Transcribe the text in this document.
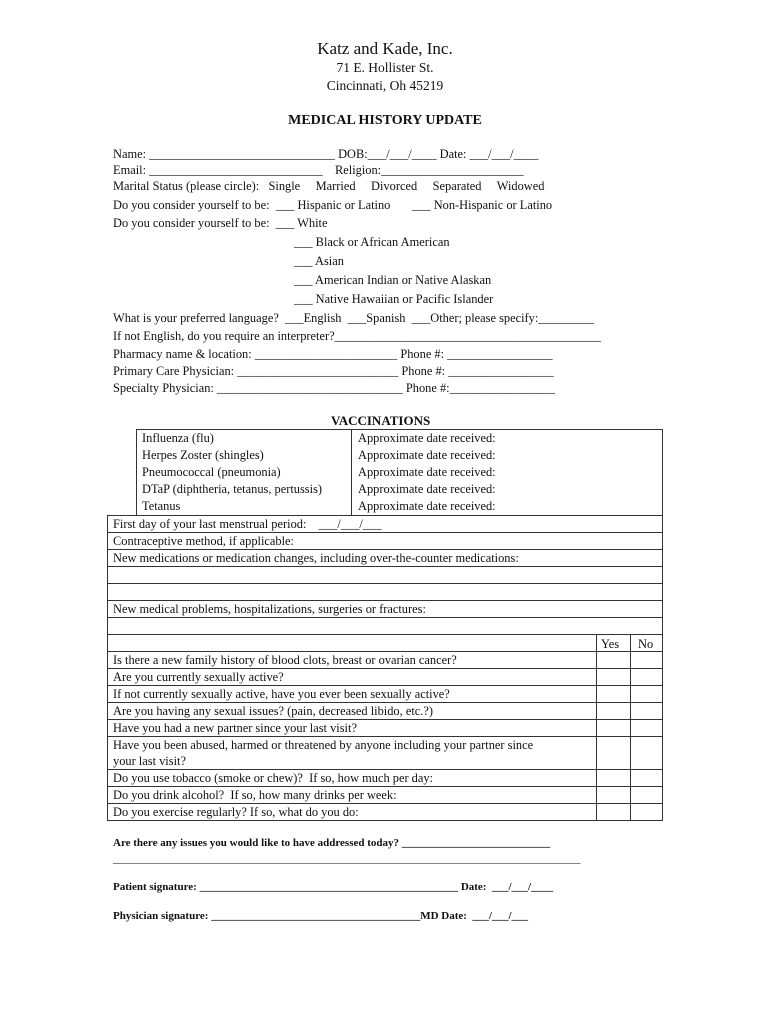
Katz and Kade, Inc.
71 E. Hollister St.
Cincinnati, Oh 45219
MEDICAL HISTORY UPDATE
Name: ______________________________ DOB:___/___/____ Date: ___/___/____
Email: ____________________________    Religion:_______________________
Marital Status (please circle):   Single     Married     Divorced     Separated     Widowed
Do you consider yourself to be:  ___ Hispanic or Latino       ___ Non-Hispanic or Latino
Do you consider yourself to be:  ___ White
___ Black or African American
___ Asian
___ American Indian or Native Alaskan
___ Native Hawaiian or Pacific Islander
What is your preferred language?  ___English  ___Spanish  ___Other; please specify:_________
If not English, do you require an interpreter?___________________________________________
Pharmacy name & location: _______________________ Phone #: _________________
Primary Care Physician: __________________________ Phone #: _________________
Specialty Physician: ______________________________ Phone #:_________________
VACCINATIONS
Influenza (flu)	Approximate date received:
Herpes Zoster (shingles)	Approximate date received:
Pneumococcal (pneumonia)	Approximate date received:
DTaP (diphtheria, tetanus, pertussis)	Approximate date received:
Tetanus	Approximate date received:
First day of your last menstrual period:    ___/___/___
Contraceptive method, if applicable:
New medications or medication changes, including over-the-counter medications:
New medical problems, hospitalizations, surgeries or fractures:
Yes No
Is there a new family history of blood clots, breast or ovarian cancer?
Are you currently sexually active?
If not currently sexually active, have you ever been sexually active?
Are you having any sexual issues? (pain, decreased libido, etc.?)
Have you had a new partner since your last visit?
Have you been abused, harmed or threatened by anyone including your partner since
your last visit?
Do you use tobacco (smoke or chew)?  If so, how much per day:
Do you drink alcohol?  If so, how many drinks per week:
Do you exercise regularly? If so, what do you do:
Are there any issues you would like to have addressed today? ___________________________
_____________________________________________________________________________________
Patient signature: _______________________________________________ Date:  ___/___/____
Physician signature: ______________________________________MD Date:  ___/___/___
